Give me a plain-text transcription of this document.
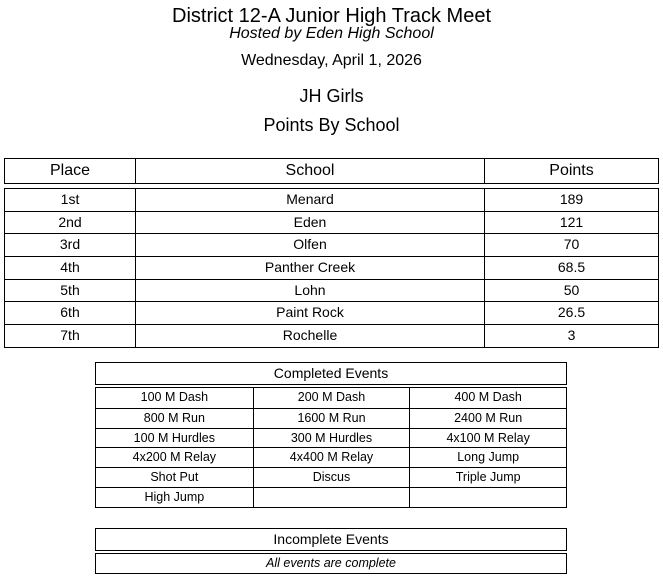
District 12-A Junior High Track Meet
Hosted by Eden High School
Wednesday, April 1, 2026
JH Girls
Points By School
Place	School	Points
1st	Menard	189
2nd	Eden	121
3rd	Olfen	70
4th	Panther Creek	68.5
5th	Lohn	50
6th	Paint Rock	26.5
7th	Rochelle	3
Completed Events
100 M Dash	200 M Dash	400 M Dash
800 M Run	1600 M Run	2400 M Run
100 M Hurdles	300 M Hurdles	4x100 M Relay
4x200 M Relay	4x400 M Relay	Long Jump
Shot Put	Discus	Triple Jump
High Jump
Incomplete Events
All events are complete
